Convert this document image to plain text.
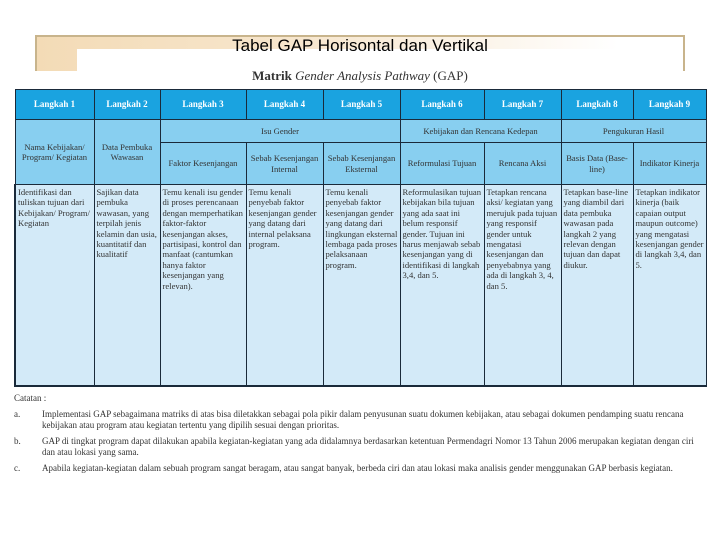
Tabel GAP Horisontal dan Vertikal
Matrik Gender Analysis Pathway (GAP)
Langkah 1	Langkah 2	Langkah 3	Langkah 4	Langkah 5	Langkah 6	Langkah 7	Langkah 8	Langkah 9
Nama Kebijakan/ Program/ Kegiatan	Data Pembuka Wawasan	Isu Gender			Kebijakan dan Rencana Kedepan		Pengukuran Hasil	
		Faktor Kesenjangan	Sebab Kesenjangan Internal	Sebab Kesenjangan Eksternal	Reformulasi Tujuan	Rencana Aksi	Basis Data (Base-line)	Indikator Kinerja
Identifikasi dan tuliskan tujuan dari Kebijakan/ Program/ Kegiatan	Sajikan data pembuka wawasan, yang terpilah jenis kelamin dan usia, kuantitatif dan kualitatif	Temu kenali isu gender di proses perencanaan dengan memperhatikan faktor-faktor kesenjangan akses, partisipasi, kontrol dan manfaat (cantumkan hanya faktor kesenjangan yang relevan).	Temu kenali penyebab faktor kesenjangan gender yang datang dari internal pelaksana program.	Temu kenali penyebab faktor kesenjangan gender yang datang dari lingkungan eksternal lembaga pada proses pelaksanaan program.	Reformulasikan tujuan kebijakan bila tujuan yang ada saat ini belum responsif gender. Tujuan ini harus menjawab sebab kesenjangan yang di identifikasi di langkah 3,4, dan 5.	Tetapkan rencana aksi/ kegiatan yang merujuk pada tujuan yang responsif gender untuk mengatasi kesenjangan dan penyebabnya yang ada di langkah 3, 4, dan 5.	Tetapkan base-line yang diambil dari data pembuka wawasan pada langkah 2 yang relevan dengan tujuan dan dapat diukur.	Tetapkan indikator kinerja (baik capaian output maupun outcome) yang mengatasi kesenjangan gender di langkah 3,4, dan 5.
Catatan :
a.	Implementasi GAP sebagaimana matriks di atas bisa diletakkan sebagai pola pikir dalam penyusunan suatu dokumen kebijakan, atau sebagai dokumen pendamping suatu rencana kebijakan atau program atau kegiatan tertentu yang dipilih sesuai dengan prioritas.
b.	GAP di tingkat program dapat dilakukan apabila kegiatan-kegiatan yang ada didalamnya berdasarkan ketentuan Permendagri Nomor 13 Tahun 2006 merupakan kegiatan dengan ciri dan atau lokasi yang sama.
c.	Apabila kegiatan-kegiatan dalam sebuah program sangat beragam, atau sangat banyak, berbeda ciri dan atau lokasi maka analisis gender menggunakan GAP berbasis kegiatan.
